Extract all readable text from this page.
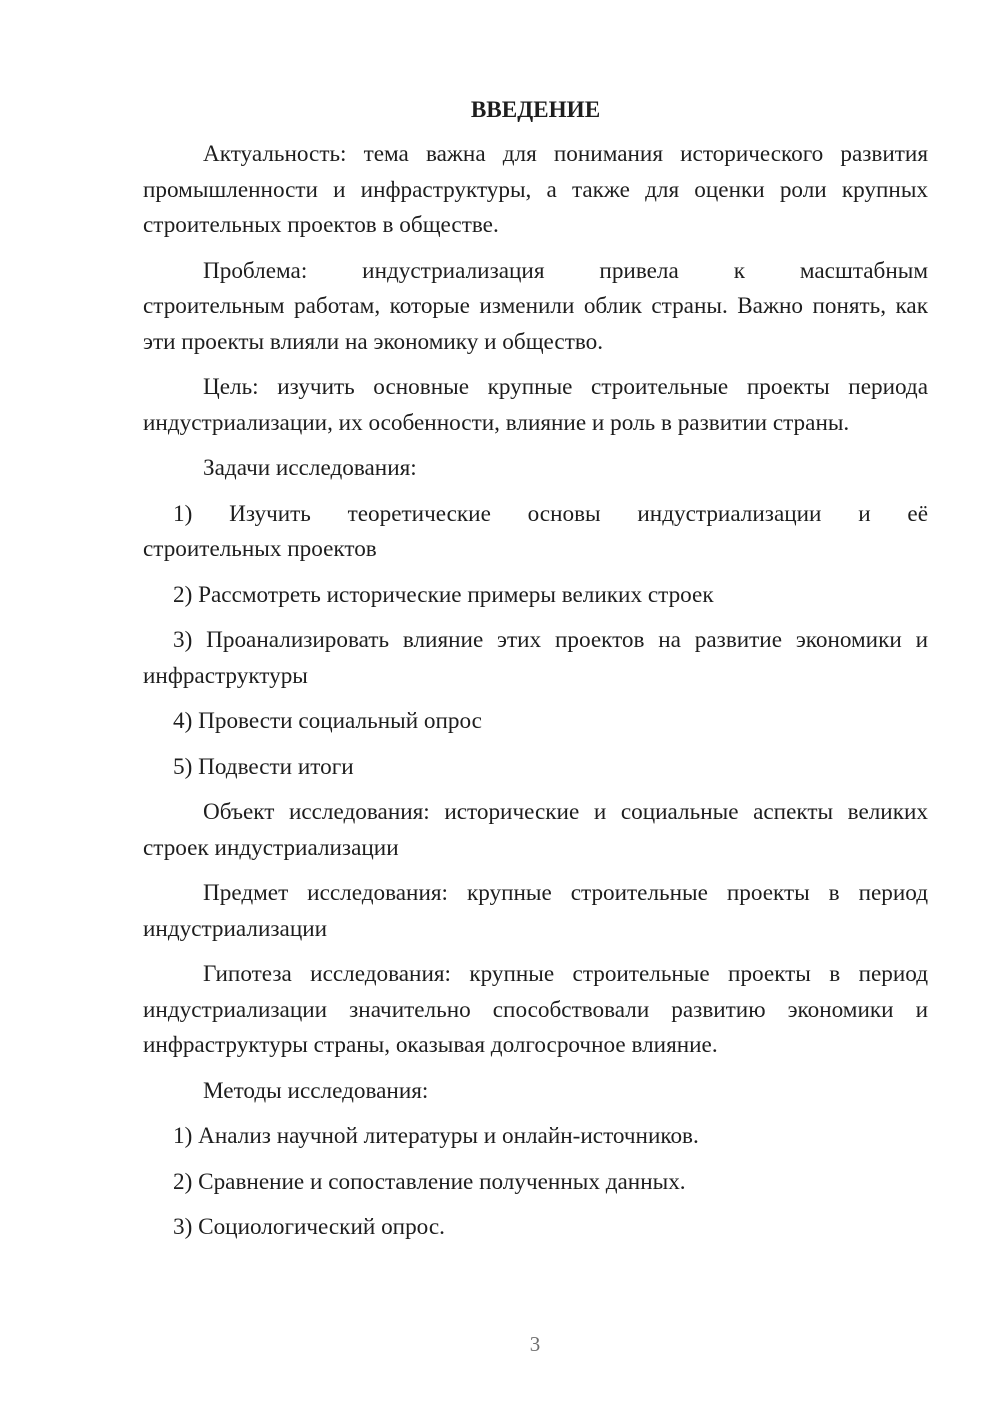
ВВЕДЕНИЕ
Актуальность: тема важна для понимания исторического развития промышленности и инфраструктуры, а также для оценки роли крупных строительных проектов в обществе.
Проблема: индустриализация привела к масштабным
строительным работам, которые изменили облик страны. Важно понять, как эти проекты влияли на экономику и общество.
Цель: изучить основные крупные строительные проекты периода индустриализации, их особенности, влияние и роль в развитии страны.
Задачи исследования:
1) Изучить теоретические основы индустриализации и её
строительных проектов
2) Рассмотреть исторические примеры великих строек
3) Проанализировать влияние этих проектов на развитие экономики и инфраструктуры
4) Провести социальный опрос
5) Подвести итоги
Объект исследования: исторические и социальные аспекты великих строек индустриализации
Предмет исследования: крупные строительные проекты в период индустриализации
Гипотеза исследования: крупные строительные проекты в период индустриализации значительно способствовали развитию экономики и инфраструктуры страны, оказывая долгосрочное влияние.
Методы исследования:
1) Анализ научной литературы и онлайн-источников.
2) Сравнение и сопоставление полученных данных.
3) Социологический опрос.
3
